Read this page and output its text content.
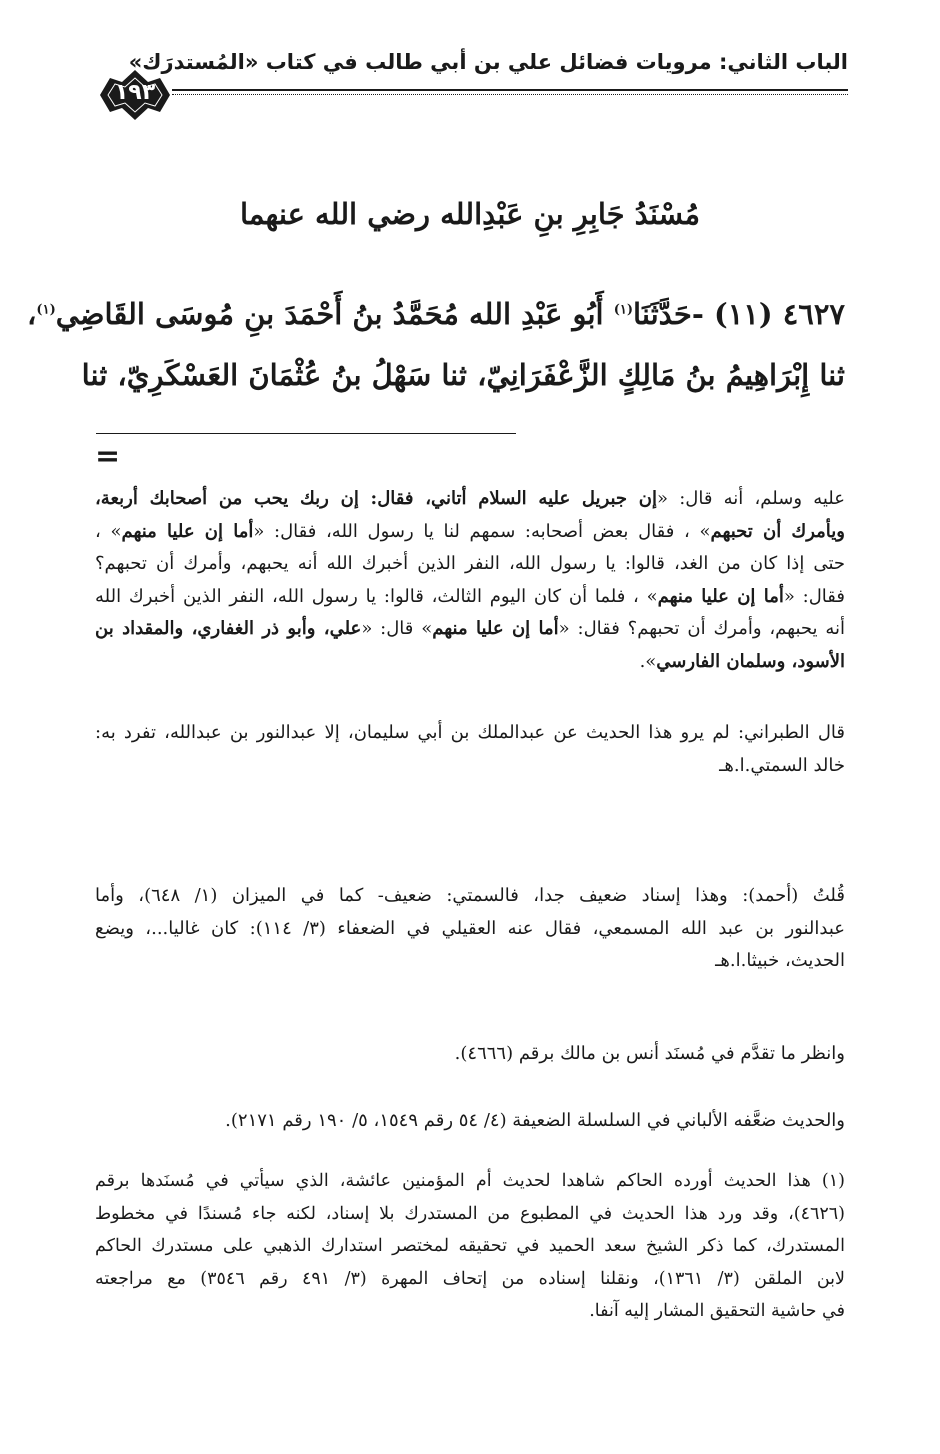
الباب الثاني: مرويات فضائل علي بن أبي طالب في كتاب «المُستدرَك»
١٩٣
مُسْنَدُ جَابِرِ بنِ عَبْدِالله رضي الله عنهما
(١١) ٤٦٢٧ -حَدَّثَنَا$^{(١)}$ أَبُو عَبْدِ الله مُحَمَّدُ بنُ أَحْمَدَ بنِ مُوسَى القَاضِي$^{(١)}$،
ثنا إِبْرَاهِيمُ بنُ مَالِكٍ الزَّعْفَرَانِيّ، ثنا سَهْلُ بنُ عُثْمَانَ العَسْكَرِيّ، ثنا
=
عليه وسلم، أنه قال: «إن جبريل عليه السلام أتاني، فقال: إن ربك يحب من أصحابك أربعة،
ويأمرك أن تحبهم» ، فقال بعض أصحابه: سمهم لنا يا رسول الله، فقال: «أما إن عليا منهم» ،
حتى إذا كان من الغد، قالوا: يا رسول الله، النفر الذين أخبرك الله أنه يحبهم، وأمرك أن تحبهم؟
فقال: «أما إن عليا منهم» ، فلما أن كان اليوم الثالث، قالوا: يا رسول الله، النفر الذين أخبرك الله
أنه يحبهم، وأمرك أن تحبهم؟ فقال: «أما إن عليا منهم» قال: «علي، وأبو ذر الغفاري، والمقداد بن
الأسود، وسلمان الفارسي».
قال الطبراني: لم يرو هذا الحديث عن عبدالملك بن أبي سليمان، إلا عبدالنور بن عبدالله، تفرد به:
خالد السمتي.ا.هـ
قُلتُ (أحمد): وهذا إسناد ضعيف جدا، فالسمتي: ضعيف- كما في الميزان (١/ ٦٤٨)، وأما
عبدالنور بن عبد الله المسمعي، فقال عنه العقيلي في الضعفاء (٣/ ١١٤): كان غاليا...، ويضع
الحديث، خبيثا.ا.هـ
وانظر ما تقدَّم في مُسنَد أنس بن مالك برقم (٤٦٦٦).
والحديث ضعَّفه الألباني في السلسلة الضعيفة (٤/ ٥٤ رقم ١٥٤٩، ٥/ ١٩٠ رقم ٢١٧١).
(١) هذا الحديث أورده الحاكم شاهدا لحديث أم المؤمنين عائشة، الذي سيأتي في مُسنَدها برقم
(٤٦٢٦)، وقد ورد هذا الحديث في المطبوع من المستدرك بلا إسناد، لكنه جاء مُسندًا في مخطوط
المستدرك، كما ذكر الشيخ سعد الحميد في تحقيقه لمختصر استدارك الذهبي على مستدرك الحاكم
لابن الملقن (٣/ ١٣٦١)، ونقلنا إسناده من إتحاف المهرة (٣/ ٤٩١ رقم ٣٥٤٦) مع مراجعته
في حاشية التحقيق المشار إليه آنفا.
